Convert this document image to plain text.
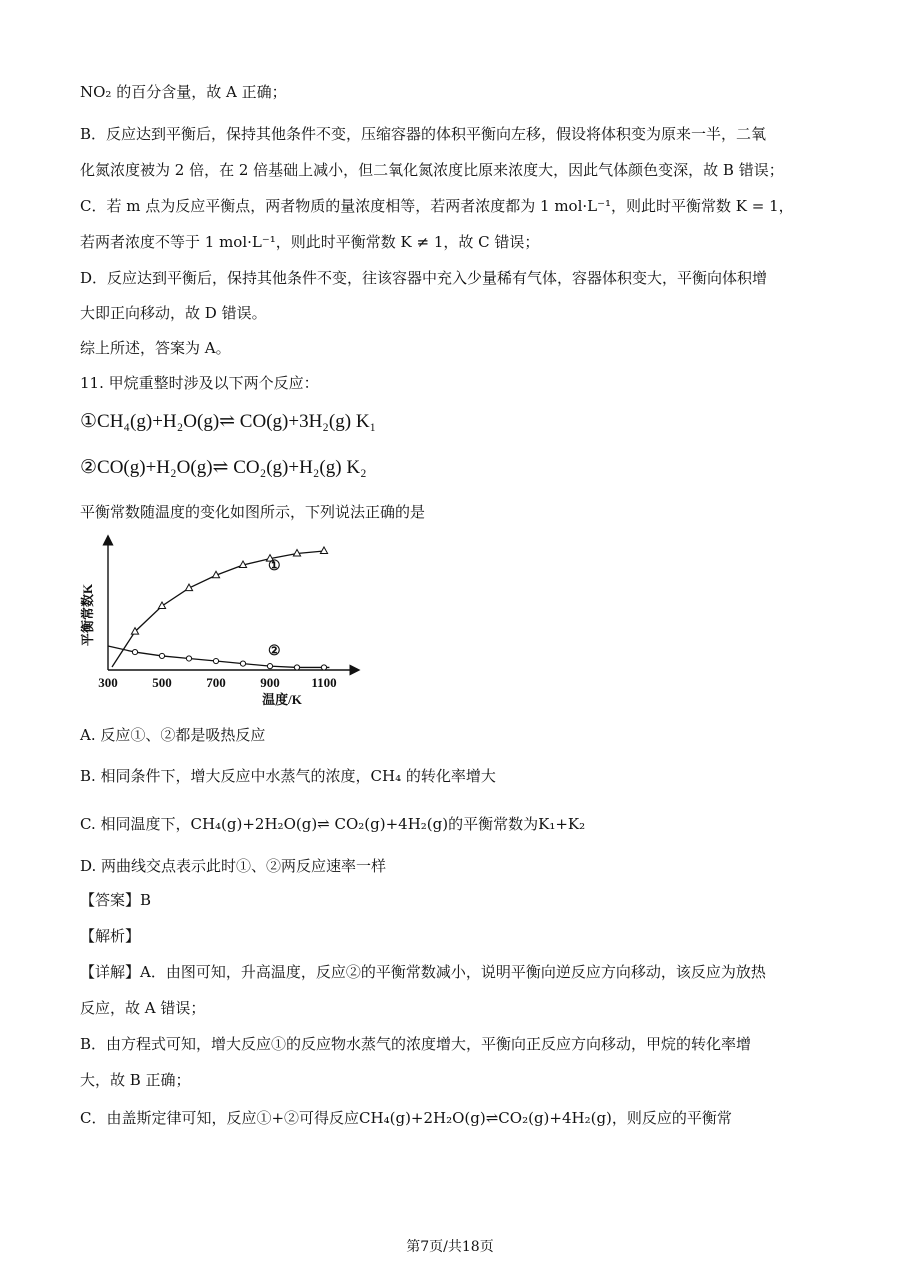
NO₂ 的百分含量，故 A 正确；
B．反应达到平衡后，保持其他条件不变，压缩容器的体积平衡向左移，假设将体积变为原来一半，二氧
化氮浓度被为 2 倍，在 2 倍基础上减小，但二氧化氮浓度比原来浓度大，因此气体颜色变深，故 B 错误；
C．若 m 点为反应平衡点，两者物质的量浓度相等，若两者浓度都为 1 mol·L⁻¹，则此时平衡常数 K = 1，
若两者浓度不等于 1 mol·L⁻¹，则此时平衡常数 K ≠ 1，故 C 错误；
D．反应达到平衡后，保持其他条件不变，往该容器中充入少量稀有气体，容器体积变大，平衡向体积增
大即正向移动，故 D 错误。
综上所述，答案为 A。
11. 甲烷重整时涉及以下两个反应：
①CH₄(g)+H₂O(g)⇌ CO(g)+3H₂(g) K₁
②CO(g)+H₂O(g)⇌ CO₂(g)+H₂(g) K₂
平衡常数随温度的变化如图所示，下列说法正确的是
平衡常数K
温度/K
300	500	700	900 1100
①
②
A. 反应①、②都是吸热反应
B. 相同条件下，增大反应中水蒸气的浓度，CH₄ 的转化率增大
C. 相同温度下，CH₄(g)+2H₂O(g)⇌ CO₂(g)+4H₂(g)的平衡常数为K₁+K₂
D. 两曲线交点表示此时①、②两反应速率一样
【答案】B
【解析】
【详解】A．由图可知，升高温度，反应②的平衡常数减小，说明平衡向逆反应方向移动，该反应为放热
反应，故 A 错误；
B．由方程式可知，增大反应①的反应物水蒸气的浓度增大，平衡向正反应方向移动，甲烷的转化率增
大，故 B 正确；
C．由盖斯定律可知，反应①+②可得反应CH₄(g)+2H₂O(g)⇌CO₂(g)+4H₂(g)，则反应的平衡常
第7页/共18页
